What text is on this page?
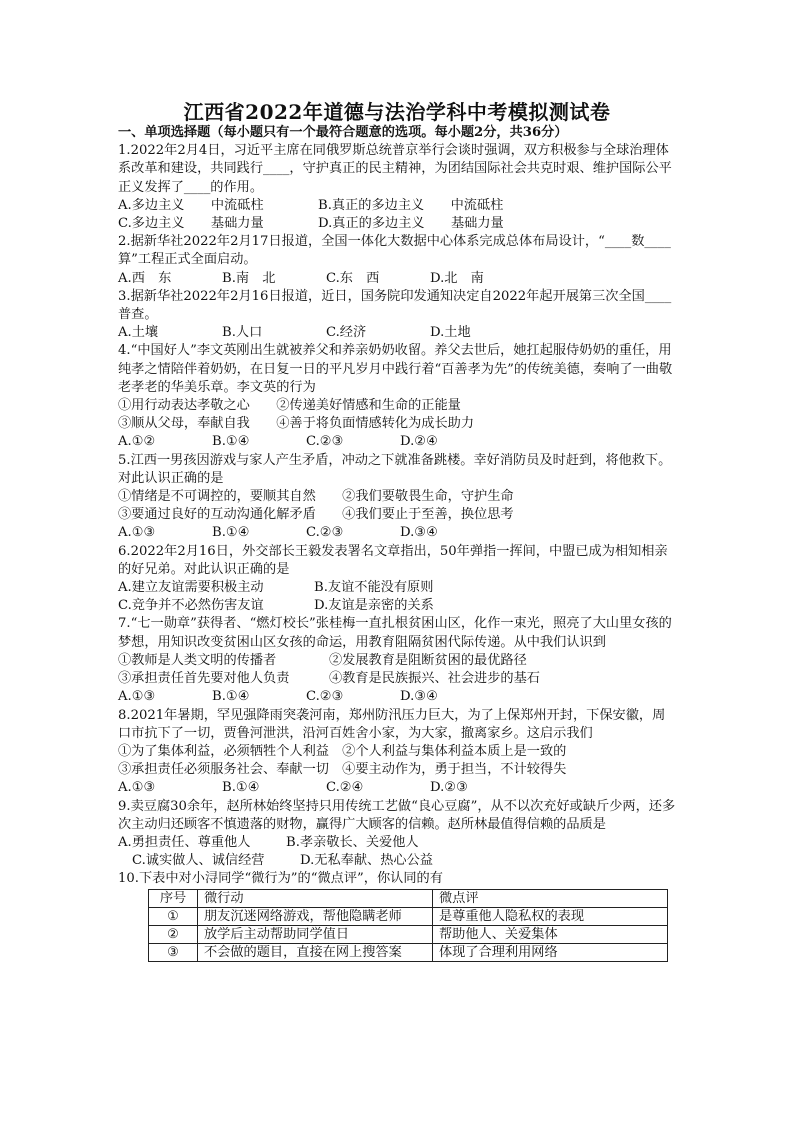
江西省2022年道德与法治学科中考模拟测试卷

一、单项选择题（每小题只有一个最符合题意的选项。每小题2分，共36分）

1.2022年2月4日，习近平主席在同俄罗斯总统普京举行会谈时强调，双方积极参与全球治理体系改革和建设，共同践行____，守护真正的民主精神，为团结国际社会共克时艰、维护国际公平正义发挥了____的作用。

A.多边主义　　中流砥柱	B.真正的多边主义　　中流砥柱
C.多边主义　　基础力量	D.真正的多边主义　　基础力量

2.据新华社2022年2月17日报道，全国一体化大数据中心体系完成总体布局设计，“____数____算”工程正式全面启动。

A.西　东	B.南　北	C.东　西	D.北　南

3.据新华社2022年2月16日报道，近日，国务院印发通知决定自2022年起开展第三次全国____普查。

A.土壤	B.人口	C.经济	D.土地

4.“中国好人”李文英刚出生就被养父和养亲奶奶收留。养父去世后，她扛起服侍奶奶的重任，用纯孝之情陪伴着奶奶，在日复一日的平凡岁月中践行着“百善孝为先”的传统美德，奏响了一曲敬老孝老的华美乐章。李文英的行为

①用行动表达孝敬之心　　②传递美好情感和生命的正能量

③顺从父母，奉献自我　　④善于将负面情感转化为成长助力

A.①②	B.①④	C.②③	D.②④

5.江西一男孩因游戏与家人产生矛盾，冲动之下就准备跳楼。幸好消防员及时赶到，将他救下。对此认识正确的是

①情绪是不可调控的，要顺其自然　　②我们要敬畏生命，守护生命

③要通过良好的互动沟通化解矛盾　　④我们要止于至善，换位思考

A.①③	B.①④	C.②③	D.③④

6.2022年2月16日，外交部长王毅发表署名文章指出，50年弹指一挥间，中盟已成为相知相亲的好兄弟。对此认识正确的是

A.建立友谊需要积极主动	B.友谊不能没有原则
C.竞争并不必然伤害友谊	D.友谊是亲密的关系

7.“七一勋章”获得者、“燃灯校长”张桂梅一直扎根贫困山区，化作一束光，照亮了大山里女孩的梦想，用知识改变贫困山区女孩的命运，用教育阻隔贫困代际传递。从中我们认识到

①教师是人类文明的传播者　　　　②发展教育是阻断贫困的最优路径

③承担责任首先要对他人负责　　　④教育是民族振兴、社会进步的基石

A.①③	B.①④	C.②③	D.③④

8.2021年暑期，罕见强降雨突袭河南，郑州防汛压力巨大，为了上保郑州开封，下保安徽，周口市抗下了一切，贾鲁河泄洪，沿河百姓舍小家，为大家，撤离家乡。这启示我们

①为了集体利益，必须牺牲个人利益　②个人利益与集体利益本质上是一致的

③承担责任必须服务社会、奉献一切　④要主动作为，勇于担当，不计较得失

A.①③	B.①④	C.②④	D.②③

9.卖豆腐30余年，赵所林始终坚持只用传统工艺做“良心豆腐”，从不以次充好或缺斤少两，还多次主动归还顾客不慎遗落的财物，赢得广大顾客的信赖。赵所林最值得信赖的品质是

A.勇担责任、尊重他人	B.孝亲敬长、关爱他人
C.诚实做人、诚信经营	D.无私奉献、热心公益

10.下表中对小浔同学“微行为”的“微点评”，你认同的有

序号	微行动	微点评
①	朋友沉迷网络游戏，帮他隐瞒老师	是尊重他人隐私权的表现
②	放学后主动帮助同学值日	帮助他人、关爱集体
③	不会做的题目，直接在网上搜答案	体现了合理利用网络
